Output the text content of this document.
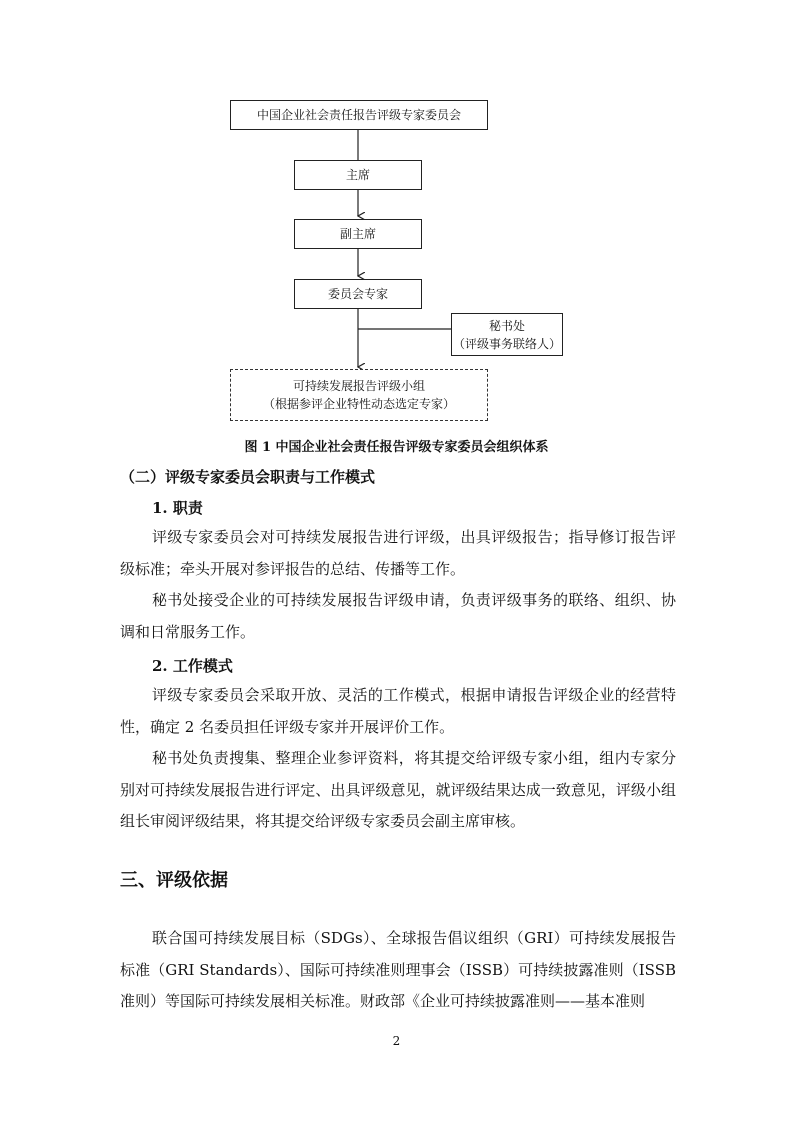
中国企业社会责任报告评级专家委员会
主席
副主席
委员会专家
秘书处
（评级事务联络人）
可持续发展报告评级小组
（根据参评企业特性动态选定专家）
图 1 中国企业社会责任报告评级专家委员会组织体系
（二）评级专家委员会职责与工作模式
1. 职责
评级专家委员会对可持续发展报告进行评级，出具评级报告；指导修订报告评级标准；牵头开展对参评报告的总结、传播等工作。
秘书处接受企业的可持续发展报告评级申请，负责评级事务的联络、组织、协调和日常服务工作。
2. 工作模式
评级专家委员会采取开放、灵活的工作模式，根据申请报告评级企业的经营特性，确定 2 名委员担任评级专家并开展评价工作。
秘书处负责搜集、整理企业参评资料，将其提交给评级专家小组，组内专家分别对可持续发展报告进行评定、出具评级意见，就评级结果达成一致意见，评级小组组长审阅评级结果，将其提交给评级专家委员会副主席审核。
三、评级依据
联合国可持续发展目标（SDGs）、全球报告倡议组织（GRI）可持续发展报告标准（GRI Standards）、国际可持续准则理事会（ISSB）可持续披露准则（ISSB 准则）等国际可持续发展相关标准。财政部《企业可持续披露准则——基本准则
2
